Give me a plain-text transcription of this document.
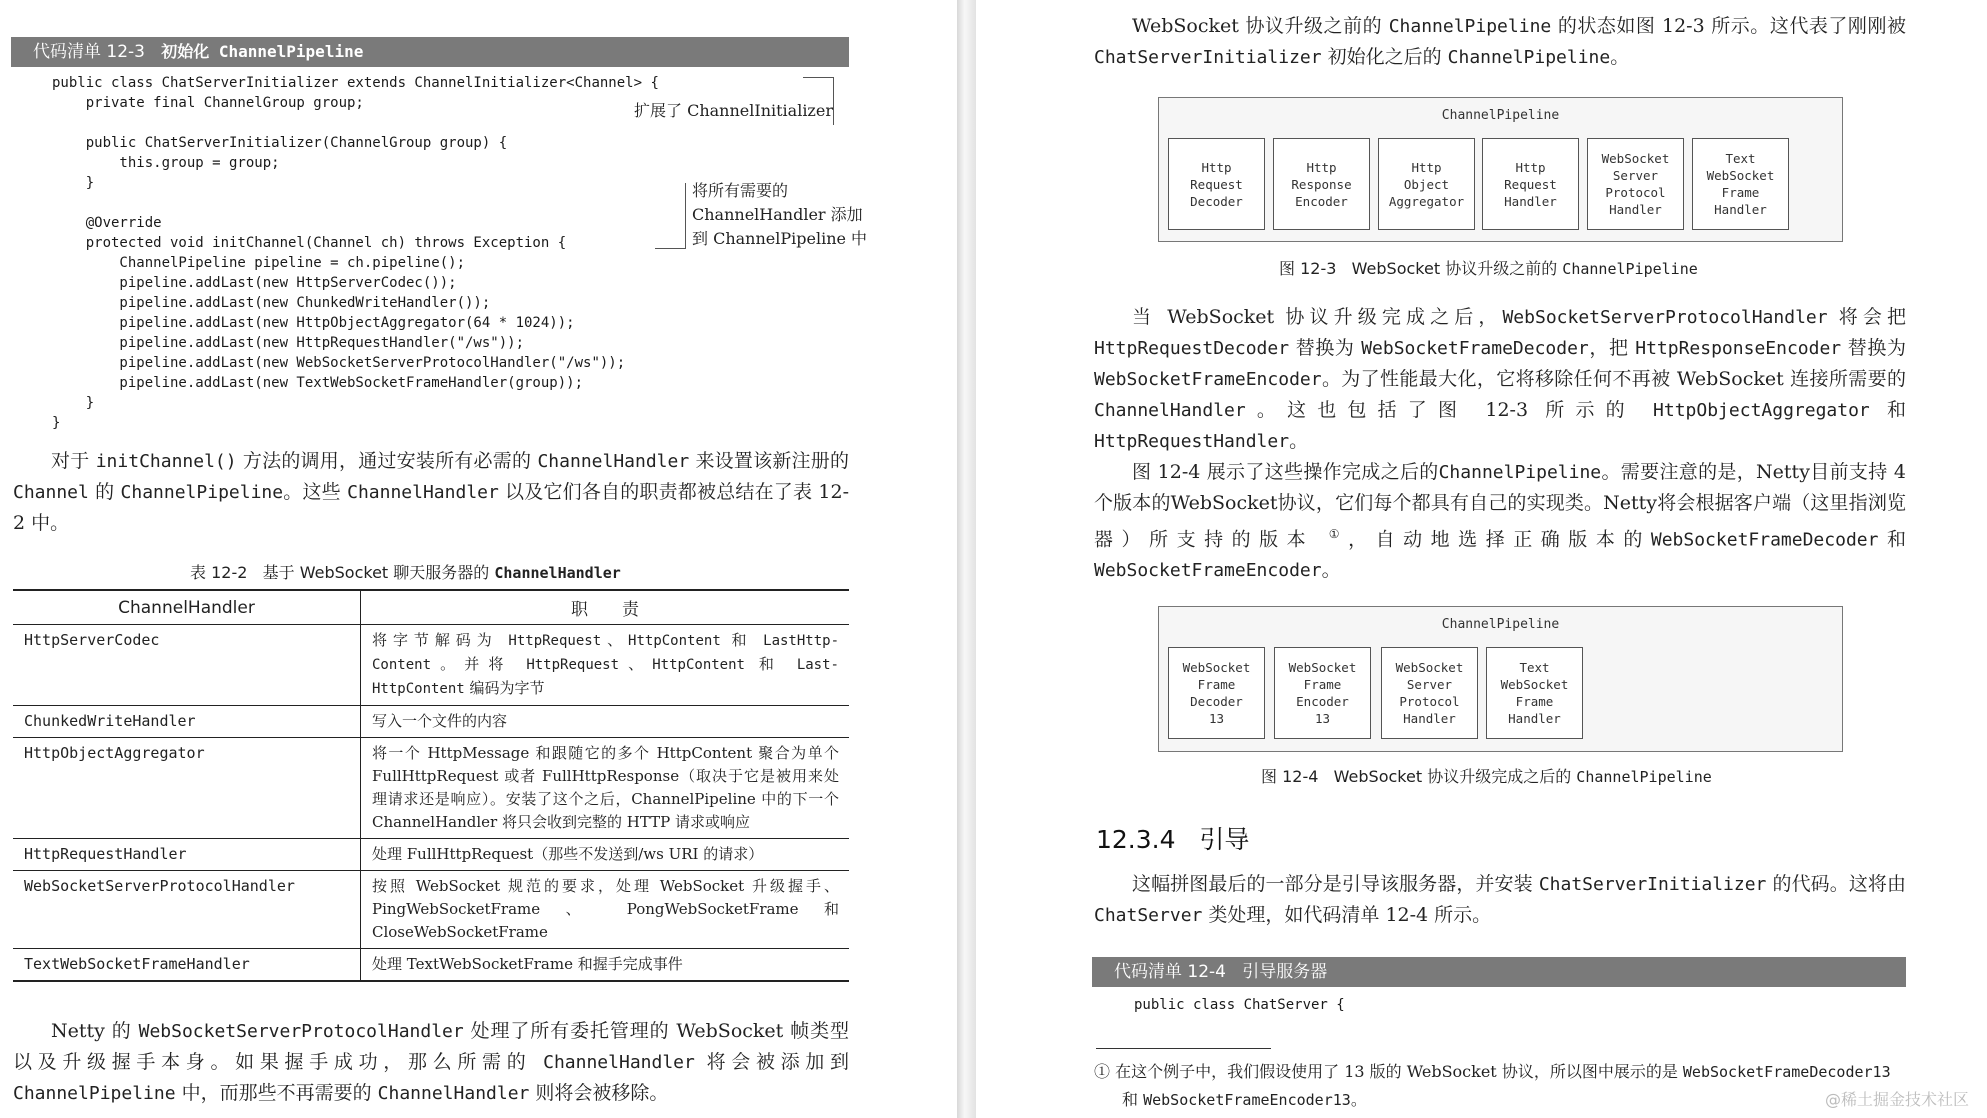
代码清单 12-3 初始化 ChannelPipeline
public class ChatServerInitializer extends ChannelInitializer<Channel> {
private final ChannelGroup group;

public ChatServerInitializer(ChannelGroup group) {
this.group = group;
}

@Override
protected void initChannel(Channel ch) throws Exception {
ChannelPipeline pipeline = ch.pipeline();
pipeline.addLast(new HttpServerCodec());
pipeline.addLast(new ChunkedWriteHandler());
pipeline.addLast(new HttpObjectAggregator(64 * 1024));
pipeline.addLast(new HttpRequestHandler("/ws"));
pipeline.addLast(new WebSocketServerProtocolHandler("/ws"));
pipeline.addLast(new TextWebSocketFrameHandler(group));
}
}
扩展了 ChannelInitializer
将所有需要的
ChannelHandler 添加
到 ChannelPipeline 中

对于 initChannel() 方法的调用，通过安装所有必需的 ChannelHandler 来设置该新注册的 Channel 的 ChannelPipeline。这些 ChannelHandler 以及它们各自的职责都被总结在了表 12-2 中。

表 12-2 基于 WebSocket 聊天服务器的 ChannelHandler
ChannelHandler	职　　责
HttpServerCodec	将字节解码为 HttpRequest、HttpContent 和 LastHttp-Content。并将 HttpRequest、HttpContent 和 Last-HttpContent 编码为字节
ChunkedWriteHandler	写入一个文件的内容
HttpObjectAggregator	将一个 HttpMessage 和跟随它的多个 HttpContent 聚合为单个 FullHttpRequest 或者 FullHttpResponse（取决于它是被用来处理请求还是响应）。安装了这个之后，ChannelPipeline 中的下一个 ChannelHandler 将只会收到完整的 HTTP 请求或响应
HttpRequestHandler	处理 FullHttpRequest（那些不发送到/ws URI 的请求）
WebSocketServerProtocolHandler	按照 WebSocket 规范的要求，处理 WebSocket 升级握手、PingWebSocketFrame 、 PongWebSocketFrame 和 CloseWebSocketFrame
TextWebSocketFrameHandler	处理 TextWebSocketFrame 和握手完成事件

Netty 的 WebSocketServerProtocolHandler 处理了所有委托管理的 WebSocket 帧类型以及升级握手本身。如果握手成功，那么所需的 ChannelHandler 将会被添加到 ChannelPipeline 中，而那些不再需要的 ChannelHandler 则将会被移除。

WebSocket 协议升级之前的 ChannelPipeline 的状态如图 12-3 所示。这代表了刚刚被 ChatServerInitializer 初始化之后的 ChannelPipeline。

ChannelPipeline
Http
Request
Decoder
Http
Response
Encoder
Http
Object
Aggregator
Http
Request
Handler
WebSocket
Server
Protocol
Handler
Text
WebSocket
Frame
Handler
图 12-3 WebSocket 协议升级之前的 ChannelPipeline

当 WebSocket 协议升级完成之后，WebSocketServerProtocolHandler 将会把 HttpRequestDecoder 替换为 WebSocketFrameDecoder，把 HttpResponseEncoder 替换为 WebSocketFrameEncoder。为了性能最大化，它将移除任何不再被 WebSocket 连接所需要的 ChannelHandler。这也包括了图 12-3 所示的 HttpObjectAggregator 和 HttpRequestHandler。

图 12-4 展示了这些操作完成之后的ChannelPipeline。需要注意的是，Netty目前支持 4 个版本的WebSocket协议，它们每个都具有自己的实现类。Netty将会根据客户端（这里指浏览器）所支持的版本 ①，自动地选择正确版本的WebSocketFrameDecoder和WebSocketFrameEncoder。

ChannelPipeline
WebSocket
Frame
Decoder
13
WebSocket
Frame
Encoder
13
WebSocket
Server
Protocol
Handler
Text
WebSocket
Frame
Handler
图 12-4 WebSocket 协议升级完成之后的 ChannelPipeline
12.3.4 引导

这幅拼图最后的一部分是引导该服务器，并安装 ChatServerInitializer 的代码。这将由 ChatServer 类处理，如代码清单 12-4 所示。

代码清单 12-4 引导服务器
public class ChatServer {
① 在这个例子中，我们假设使用了 13 版的 WebSocket 协议，所以图中展示的是 WebSocketFrameDecoder13
和 WebSocketFrameEncoder13。	@稀土掘金技术社区
